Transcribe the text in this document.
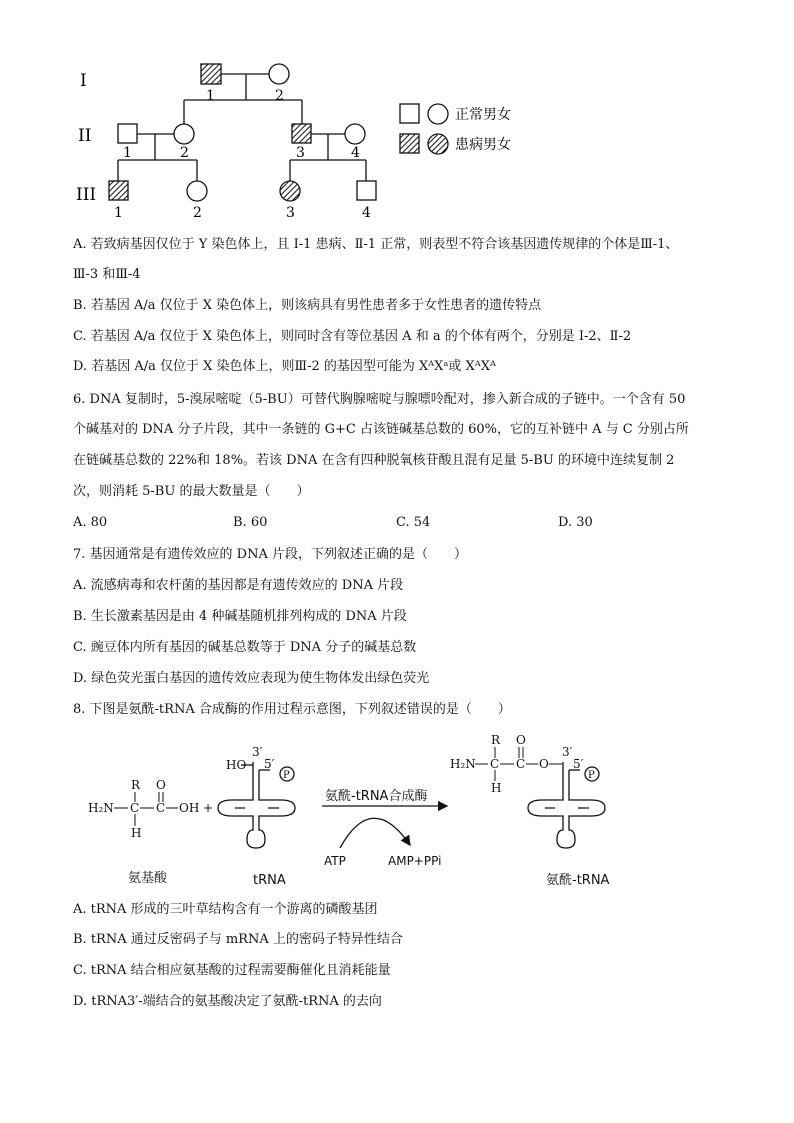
I
II
III
1	2
1	2	3	4
1	2	3	4
正常男女
患病男女
A. 若致病基因仅位于 Y 染色体上，且 I-1 患病、Ⅱ-1 正常，则表型不符合该基因遗传规律的个体是Ⅲ-1、
Ⅲ-3 和Ⅲ-4
B. 若基因 A/a 仅位于 X 染色体上，则该病具有男性患者多于女性患者的遗传特点
C. 若基因 A/a 仅位于 X 染色体上，则同时含有等位基因 A 和 a 的个体有两个，分别是 I-2、Ⅱ-2
D. 若基因 A/a 仅位于 X 染色体上，则Ⅲ-2 的基因型可能为 XᴬXᵃ或 XᴬXᴬ
6. DNA 复制时，5-溴尿嘧啶（5-BU）可替代胸腺嘧啶与腺嘌呤配对，掺入新合成的子链中。一个含有 50
个碱基对的 DNA 分子片段，其中一条链的 G+C 占该链碱基总数的 60%，它的互补链中 A 与 C 分别占所
在链碱基总数的 22%和 18%。若该 DNA 在含有四种脱氧核苷酸且混有足量 5-BU 的环境中连续复制 2
次，则消耗 5-BU 的最大数量是（　　）
A. 80	B. 60	C. 54	D. 30
7. 基因通常是有遗传效应的 DNA 片段，下列叙述正确的是（　　）
A. 流感病毒和农杆菌的基因都是有遗传效应的 DNA 片段
B. 生长激素基因是由 4 种碱基随机排列构成的 DNA 片段
C. 豌豆体内所有基因的碱基总数等于 DNA 分子的碱基总数
D. 绿色荧光蛋白基因的遗传效应表现为使生物体发出绿色荧光
8. 下图是氨酰-tRNA 合成酶的作用过程示意图，下列叙述错误的是（　　）
R
H₂N C C
O
OH +
H
HO
3′
5′
P
tRNA
氨酰-tRNA合成酶
ATP	AMP+PPi
R
H₂N C C
O
O
H
3′
5′
P
氨基酸	氨酰-tRNA
A. tRNA 形成的三叶草结构含有一个游离的磷酸基团
B. tRNA 通过反密码子与 mRNA 上的密码子特异性结合
C. tRNA 结合相应氨基酸的过程需要酶催化且消耗能量
D. tRNA3′-端结合的氨基酸决定了氨酰-tRNA 的去向
